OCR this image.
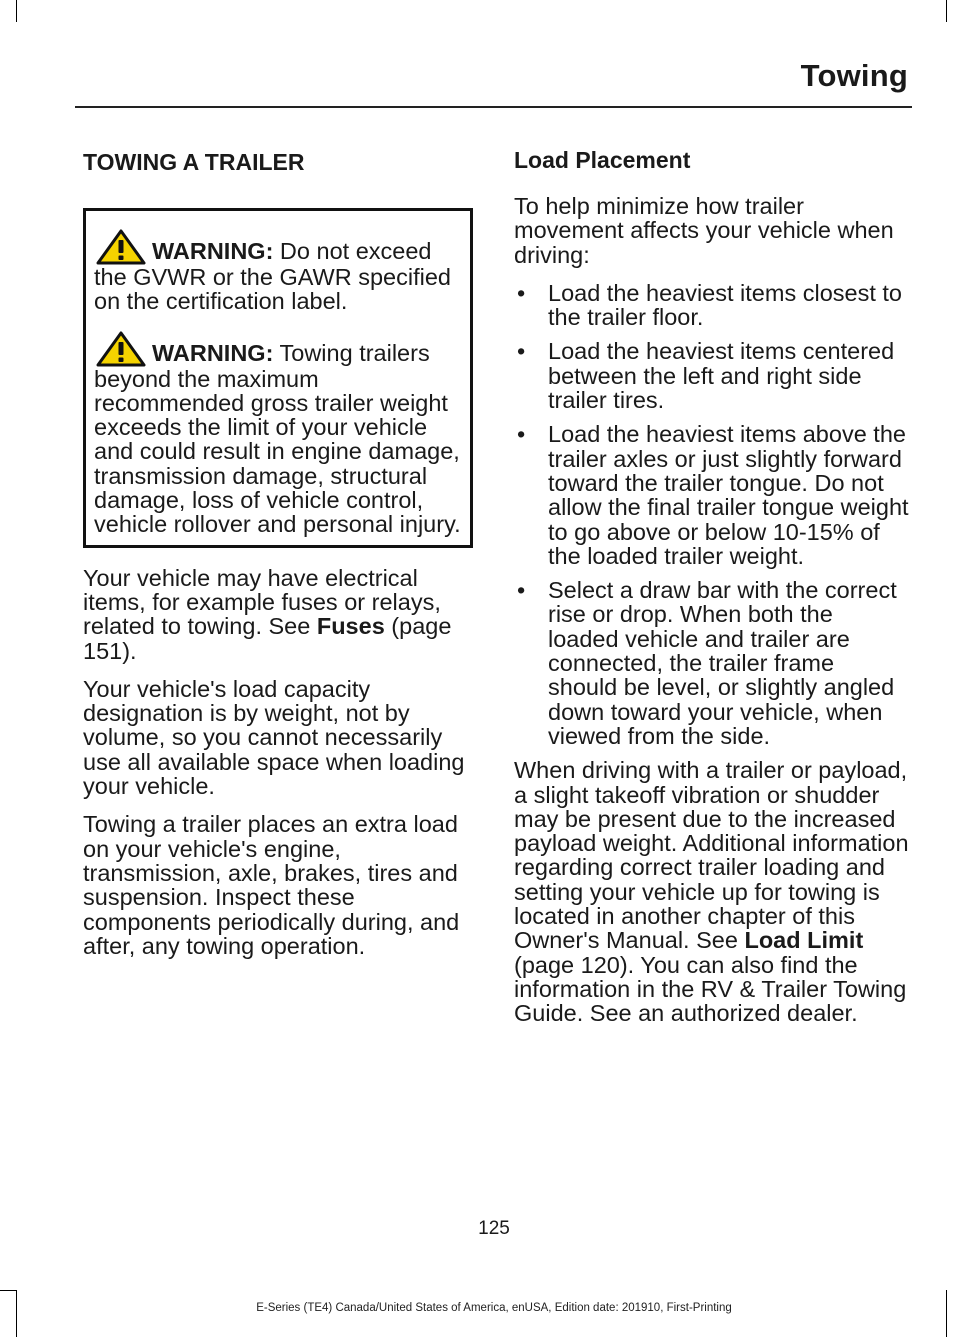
Towing
TOWING A TRAILER

WARNING: Do not exceed the GVWR or the GAWR specified on the certification label.

WARNING: Towing trailers beyond the maximum recommended gross trailer weight exceeds the limit of your vehicle and could result in engine damage, transmission damage, structural damage, loss of vehicle control, vehicle rollover and personal injury.

Your vehicle may have electrical items, for example fuses or relays, related to towing. See Fuses (page 151).

Your vehicle's load capacity designation is by weight, not by volume, so you cannot necessarily use all available space when loading your vehicle.

Towing a trailer places an extra load on your vehicle's engine, transmission, axle, brakes, tires and suspension. Inspect these components periodically during, and after, any towing operation.

Load Placement

To help minimize how trailer movement affects your vehicle when driving:

• Load the heaviest items closest to the trailer floor.
• Load the heaviest items centered between the left and right side trailer tires.
• Load the heaviest items above the trailer axles or just slightly forward toward the trailer tongue. Do not allow the final trailer tongue weight to go above or below 10-15% of the loaded trailer weight.
• Select a draw bar with the correct rise or drop. When both the loaded vehicle and trailer are connected, the trailer frame should be level, or slightly angled down toward your vehicle, when viewed from the side.

When driving with a trailer or payload, a slight takeoff vibration or shudder may be present due to the increased payload weight. Additional information regarding correct trailer loading and setting your vehicle up for towing is located in another chapter of this Owner's Manual. See Load Limit (page 120). You can also find the information in the RV & Trailer Towing Guide. See an authorized dealer.

125
E-Series (TE4) Canada/United States of America, enUSA, Edition date: 201910, First-Printing
